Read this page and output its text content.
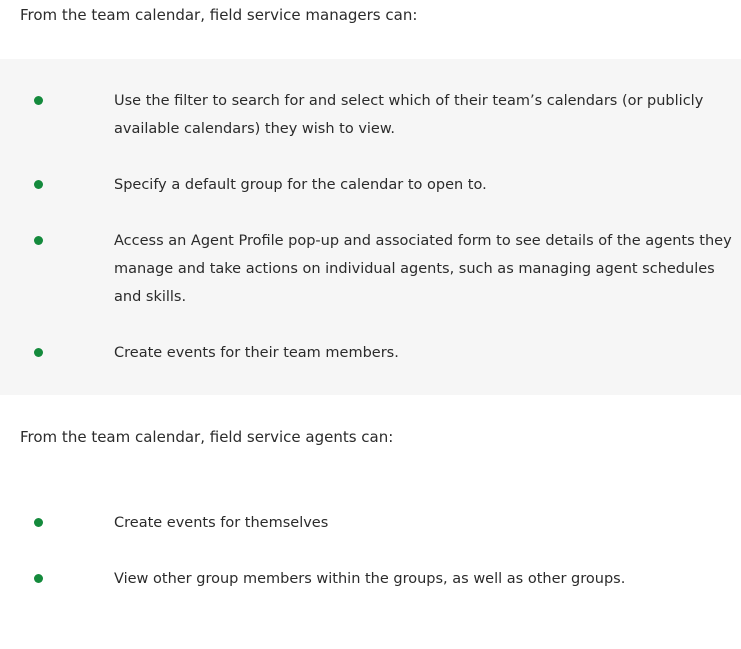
From the team calendar, field service managers can:

Use the filter to search for and select which of their team’s calendars (or publicly available calendars) they wish to view.
Specify a default group for the calendar to open to.
Access an Agent Profile pop-up and associated form to see details of the agents they manage and take actions on individual agents, such as managing agent schedules and skills.
Create events for their team members.

From the team calendar, field service agents can:

Create events for themselves
View other group members within the groups, as well as other groups.
